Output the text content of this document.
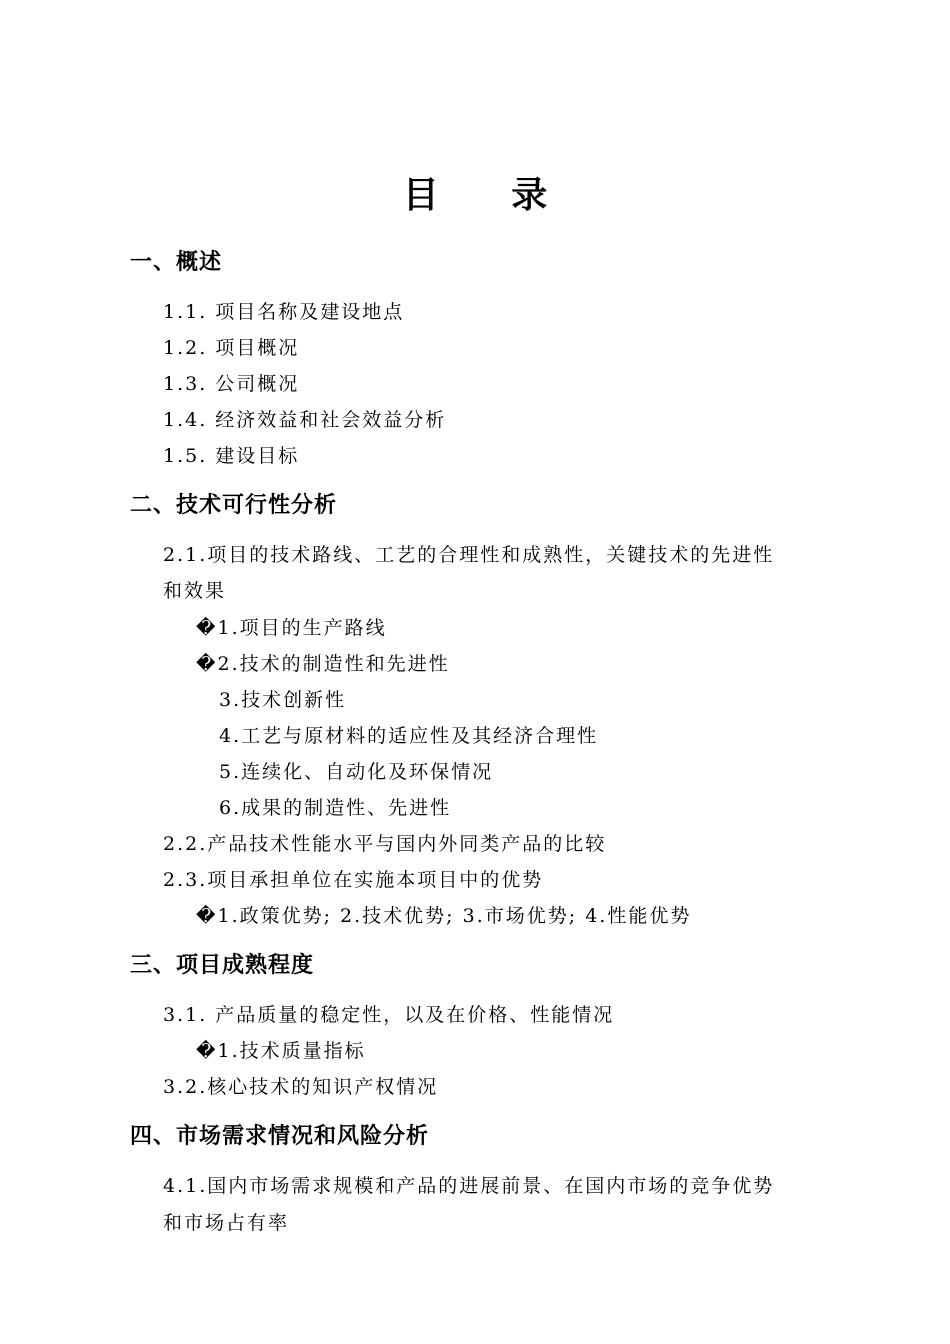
目 录
一、概述
1.1. 项目名称及建设地点
1.2. 项目概况
1.3. 公司概况
1.4. 经济效益和社会效益分析
1.5. 建设目标
二、技术可行性分析
2.1.项目的技术路线、工艺的合理性和成熟性，关键技术的先进性
和效果
�1.项目的生产路线
�2.技术的制造性和先进性
3.技术创新性
4.工艺与原材料的适应性及其经济合理性
5.连续化、自动化及环保情况
6.成果的制造性、先进性
2.2.产品技术性能水平与国内外同类产品的比较
2.3.项目承担单位在实施本项目中的优势
�1.政策优势; 2.技术优势; 3.市场优势; 4.性能优势
三、项目成熟程度
3.1. 产品质量的稳定性，以及在价格、性能情况
�1.技术质量指标
3.2.核心技术的知识产权情况
四、市场需求情况和风险分析
4.1.国内市场需求规模和产品的进展前景、在国内市场的竞争优势
和市场占有率
